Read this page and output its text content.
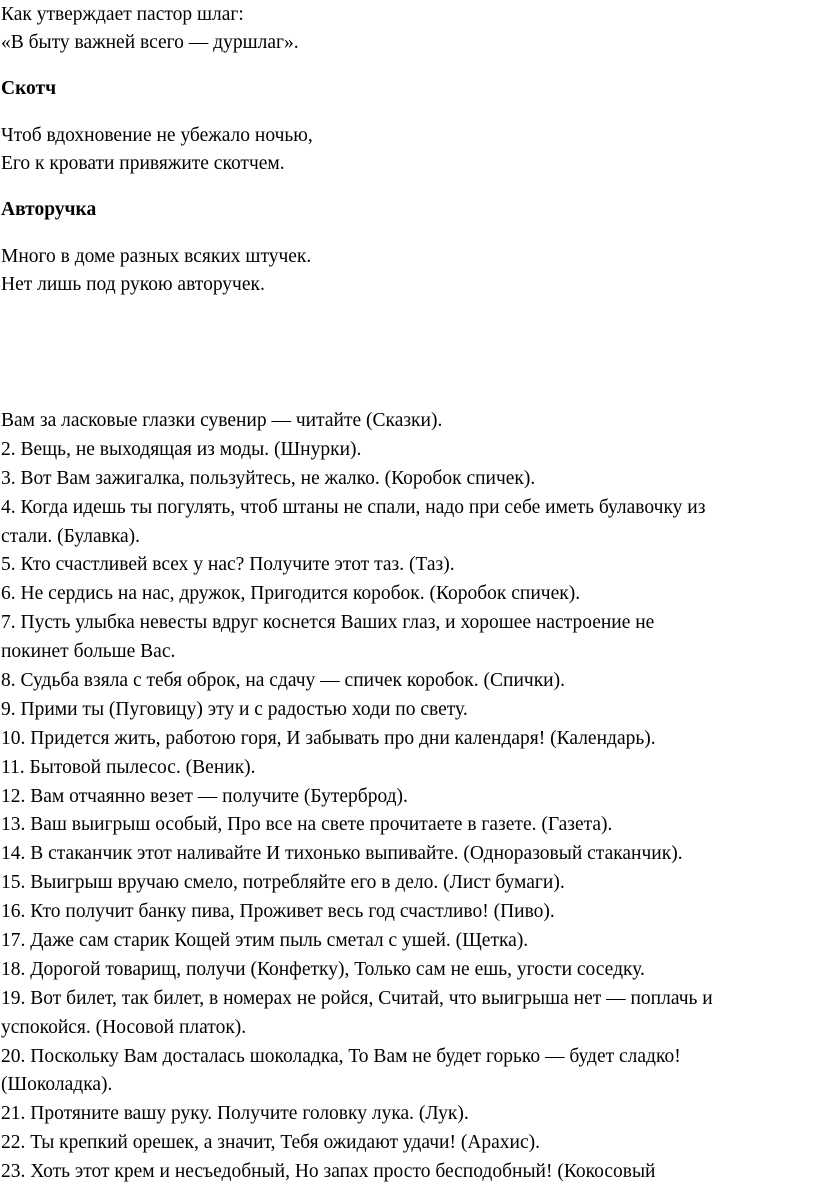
Как утверждает пастор шлаг:
«В быту важней всего — дуршлаг».
Скотч
Чтоб вдохновение не убежало ночью,
Его к кровати привяжите скотчем.
Авторучка
Много в доме разных всяких штучек.
Нет лишь под рукою авторучек.
Вам за ласковые глазки сувенир — читайте (Сказки).
2. Вещь, не выходящая из моды. (Шнурки).
3. Вот Вам зажигалка, пользуйтесь, не жалко. (Коробок спичек).
4. Когда идешь ты погулять, чтоб штаны не спали, надо при себе иметь булавочку из
стали. (Булавка).
5. Кто счастливей всех у нас? Получите этот таз. (Таз).
6. Не сердись на нас, дружок, Пригодится коробок. (Коробок спичек).
7. Пусть улыбка невесты вдруг коснется Ваших глаз, и хорошее настроение не
покинет больше Вас.
8. Судьба взяла с тебя оброк, на сдачу — спичек коробок. (Спички).
9. Прими ты (Пуговицу) эту и с радостью ходи по свету.
10. Придется жить, работою горя, И забывать про дни календаря! (Календарь).
11. Бытовой пылесос. (Веник).
12. Вам отчаянно везет — получите (Бутерброд).
13. Ваш выигрыш особый, Про все на свете прочитаете в газете. (Газета).
14. В стаканчик этот наливайте И тихонько выпивайте. (Одноразовый стаканчик).
15. Выигрыш вручаю смело, потребляйте его в дело. (Лист бумаги).
16. Кто получит банку пива, Проживет весь год счастливо! (Пиво).
17. Даже сам старик Кощей этим пыль сметал с ушей. (Щетка).
18. Дорогой товарищ, получи (Конфетку), Только сам не ешь, угости соседку.
19. Вот билет, так билет, в номерах не ройся, Считай, что выигрыша нет — поплачь и
успокойся. (Носовой платок).
20. Поскольку Вам досталась шоколадка, То Вам не будет горько — будет сладко!
(Шоколадка).
21. Протяните вашу руку. Получите головку лука. (Лук).
22. Ты крепкий орешек, а значит, Тебя ожидают удачи! (Арахис).
23. Хоть этот крем и несъедобный, Но запах просто бесподобный! (Кокосовый
